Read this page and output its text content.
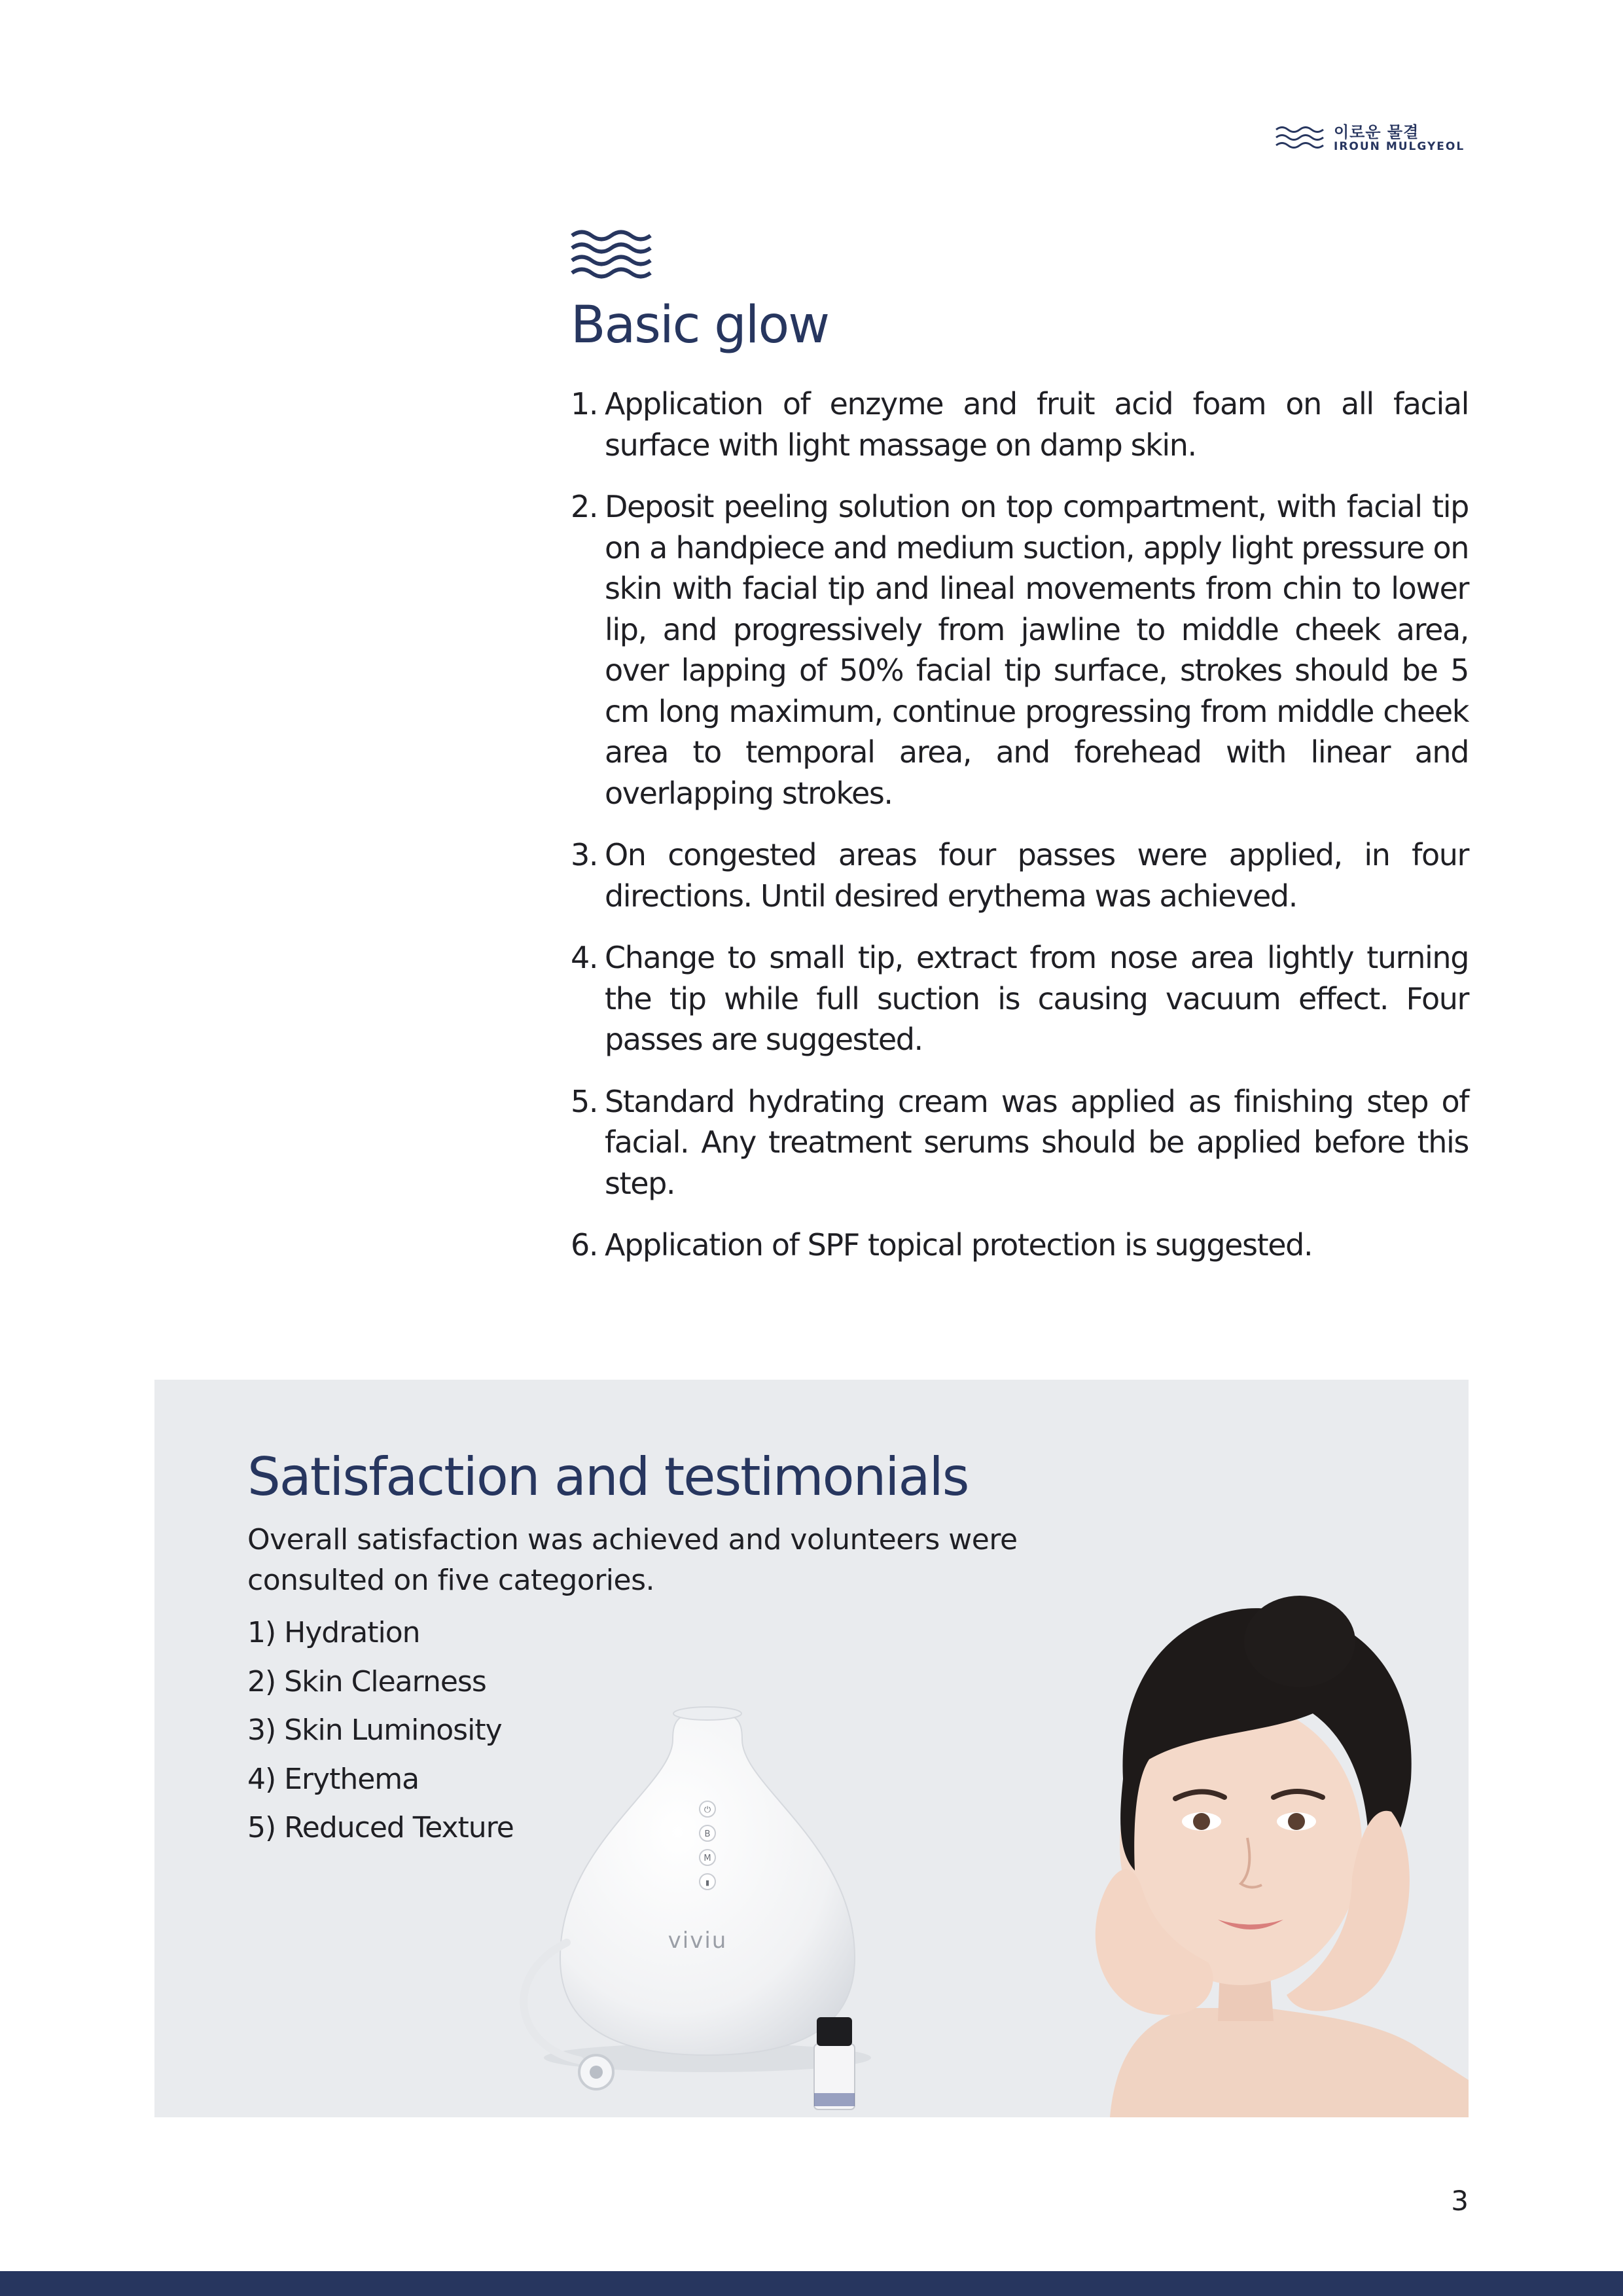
이로운 물결
IROUN MULGYEOL
Basic glow
1. Application of enzyme and fruit acid foam on all facial surface with light massage on damp skin.
2. Deposit peeling solution on top compartment, with facial tip on a handpiece and medium suction, apply light pressure on skin with facial tip and lineal movements from chin to lower lip, and progressively from jawline to middle cheek area, over lapping of 50% facial tip surface, strokes should be 5 cm long maximum, continue progressing from middle cheek area to temporal area, and forehead with linear and overlapping strokes.
3. On congested areas four passes were applied, in four directions. Until desired erythema was achieved.
4. Change to small tip, extract from nose area lightly turning the tip while full suction is causing vacuum effect. Four passes are suggested.
5. Standard hydrating cream was applied as finishing step of facial. Any treatment serums should be applied before this step.
6. Application of SPF topical protection is suggested.
Satisfaction and testimonials

Overall satisfaction was achieved and volunteers were consulted on five categories.

1) Hydration
2) Skin Clearness
3) Skin Luminosity
4) Erythema
5) Reduced Texture
⏻
B
M
▮
viviu
3
